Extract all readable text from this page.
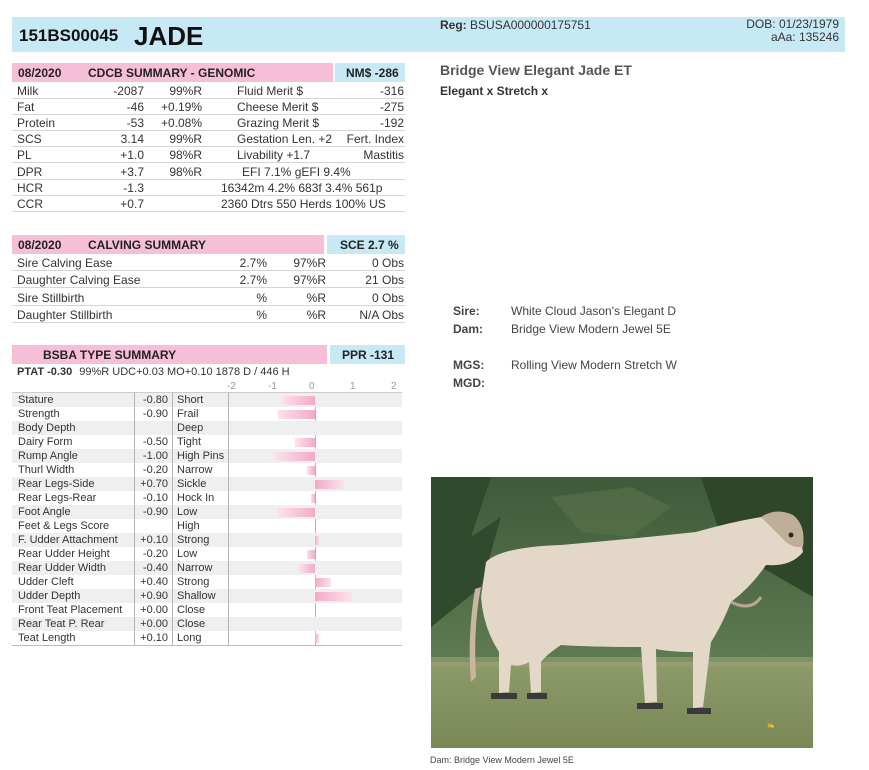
151BS00045 JADE	Reg: BSUSA000000175751	DOB: 01/23/1979
aAa: 135246
08/2020 CDCB SUMMARY - GENOMIC	NM$ -286
Milk	-2087	99%R	Fluid Merit $	-316
Fat	-46	+0.19%	Cheese Merit $	-275
Protein	-53	+0.08%	Grazing Merit $	-192
SCS	3.14	99%R	Gestation Len. +2	Fert. Index
PL	+1.0	98%R	Livability +1.7	Mastitis
DPR	+3.7	98%R	EFI 7.1% gEFI 9.4%
HCR	-1.3	16342m 4.2% 683f 3.4% 561p
CCR	+0.7	2360 Dtrs 550 Herds 100% US
08/2020 CALVING SUMMARY	SCE 2.7 %
Sire Calving Ease	2.7%	97%R	0 Obs
Daughter Calving Ease	2.7%	97%R	21 Obs
Sire Stillbirth	%	%R	0 Obs
Daughter Stillbirth	%	%R	N/A Obs
BSBA TYPE SUMMARY	PPR -131
PTAT -0.30 99%R UDC+0.03 MO+0.10 1878 D / 446 H
-2	-1	0	1	2
Stature	-0.80 Short
Strength	-0.90 Frail
Body Depth	Deep
Dairy Form	-0.50 Tight
Rump Angle	-1.00 High Pins
Thurl Width	-0.20 Narrow
Rear Legs-Side	+0.70 Sickle
Rear Legs-Rear	-0.10 Hock In
Foot Angle	-0.90 Low
Feet & Legs Score	High
F. Udder Attachment	+0.10 Strong
Rear Udder Height	-0.20 Low
Rear Udder Width	-0.40 Narrow
Udder Cleft	+0.40 Strong
Udder Depth	+0.90 Shallow
Front Teat Placement	+0.00 Close
Rear Teat P. Rear	+0.00 Close
Teat Length	+0.10 Long
Bridge View Elegant Jade ET
Elegant x Stretch x
Sire:	White Cloud Jason's Elegant D
Dam: Bridge View Modern Jewel 5E
MGS: Rolling View Modern Stretch W
MGD:
✍
Dam: Bridge View Modern Jewel 5E
